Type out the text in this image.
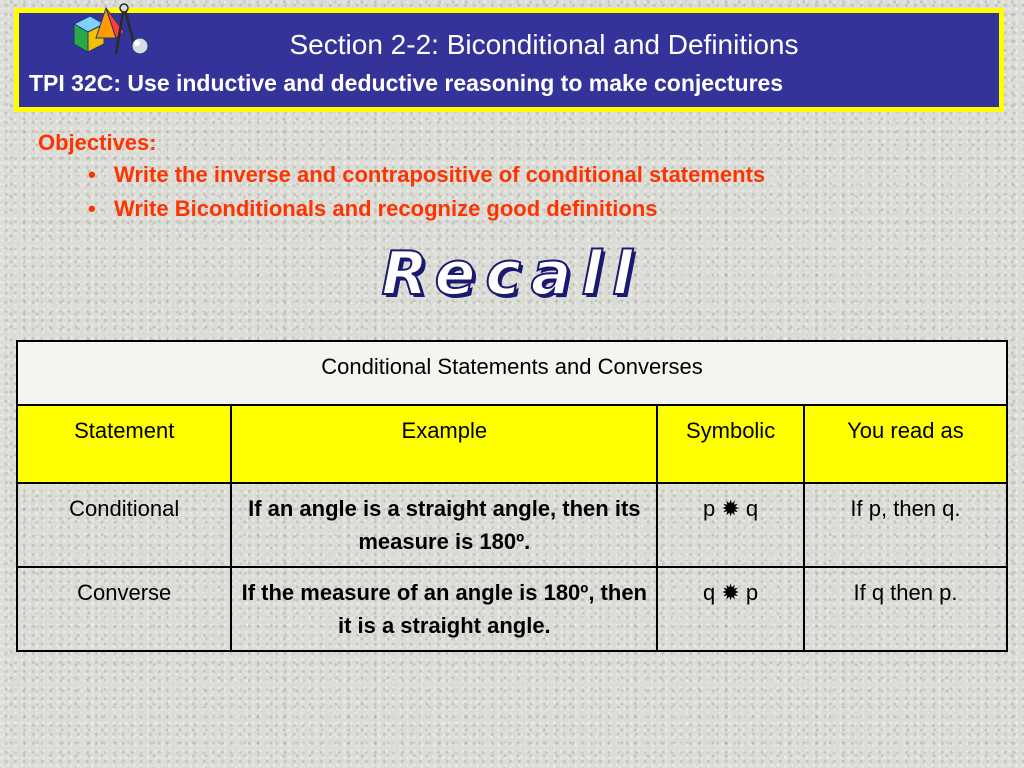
Section 2-2: Biconditional and Definitions

TPI 32C: Use inductive and deductive reasoning to make conjectures

Objectives:

• Write the inverse and contrapositive of conditional statements
• Write Biconditionals and recognize good definitions
Recall
Conditional Statements and Converses			
Statement	Example	Symbolic	You read as
Conditional	If an angle is a straight angle, then its measure is 180º.	p ✹ q	If p, then q.
Converse	If the measure of an angle is 180º, then it is a straight angle.	q ✹ p	If q then p.
